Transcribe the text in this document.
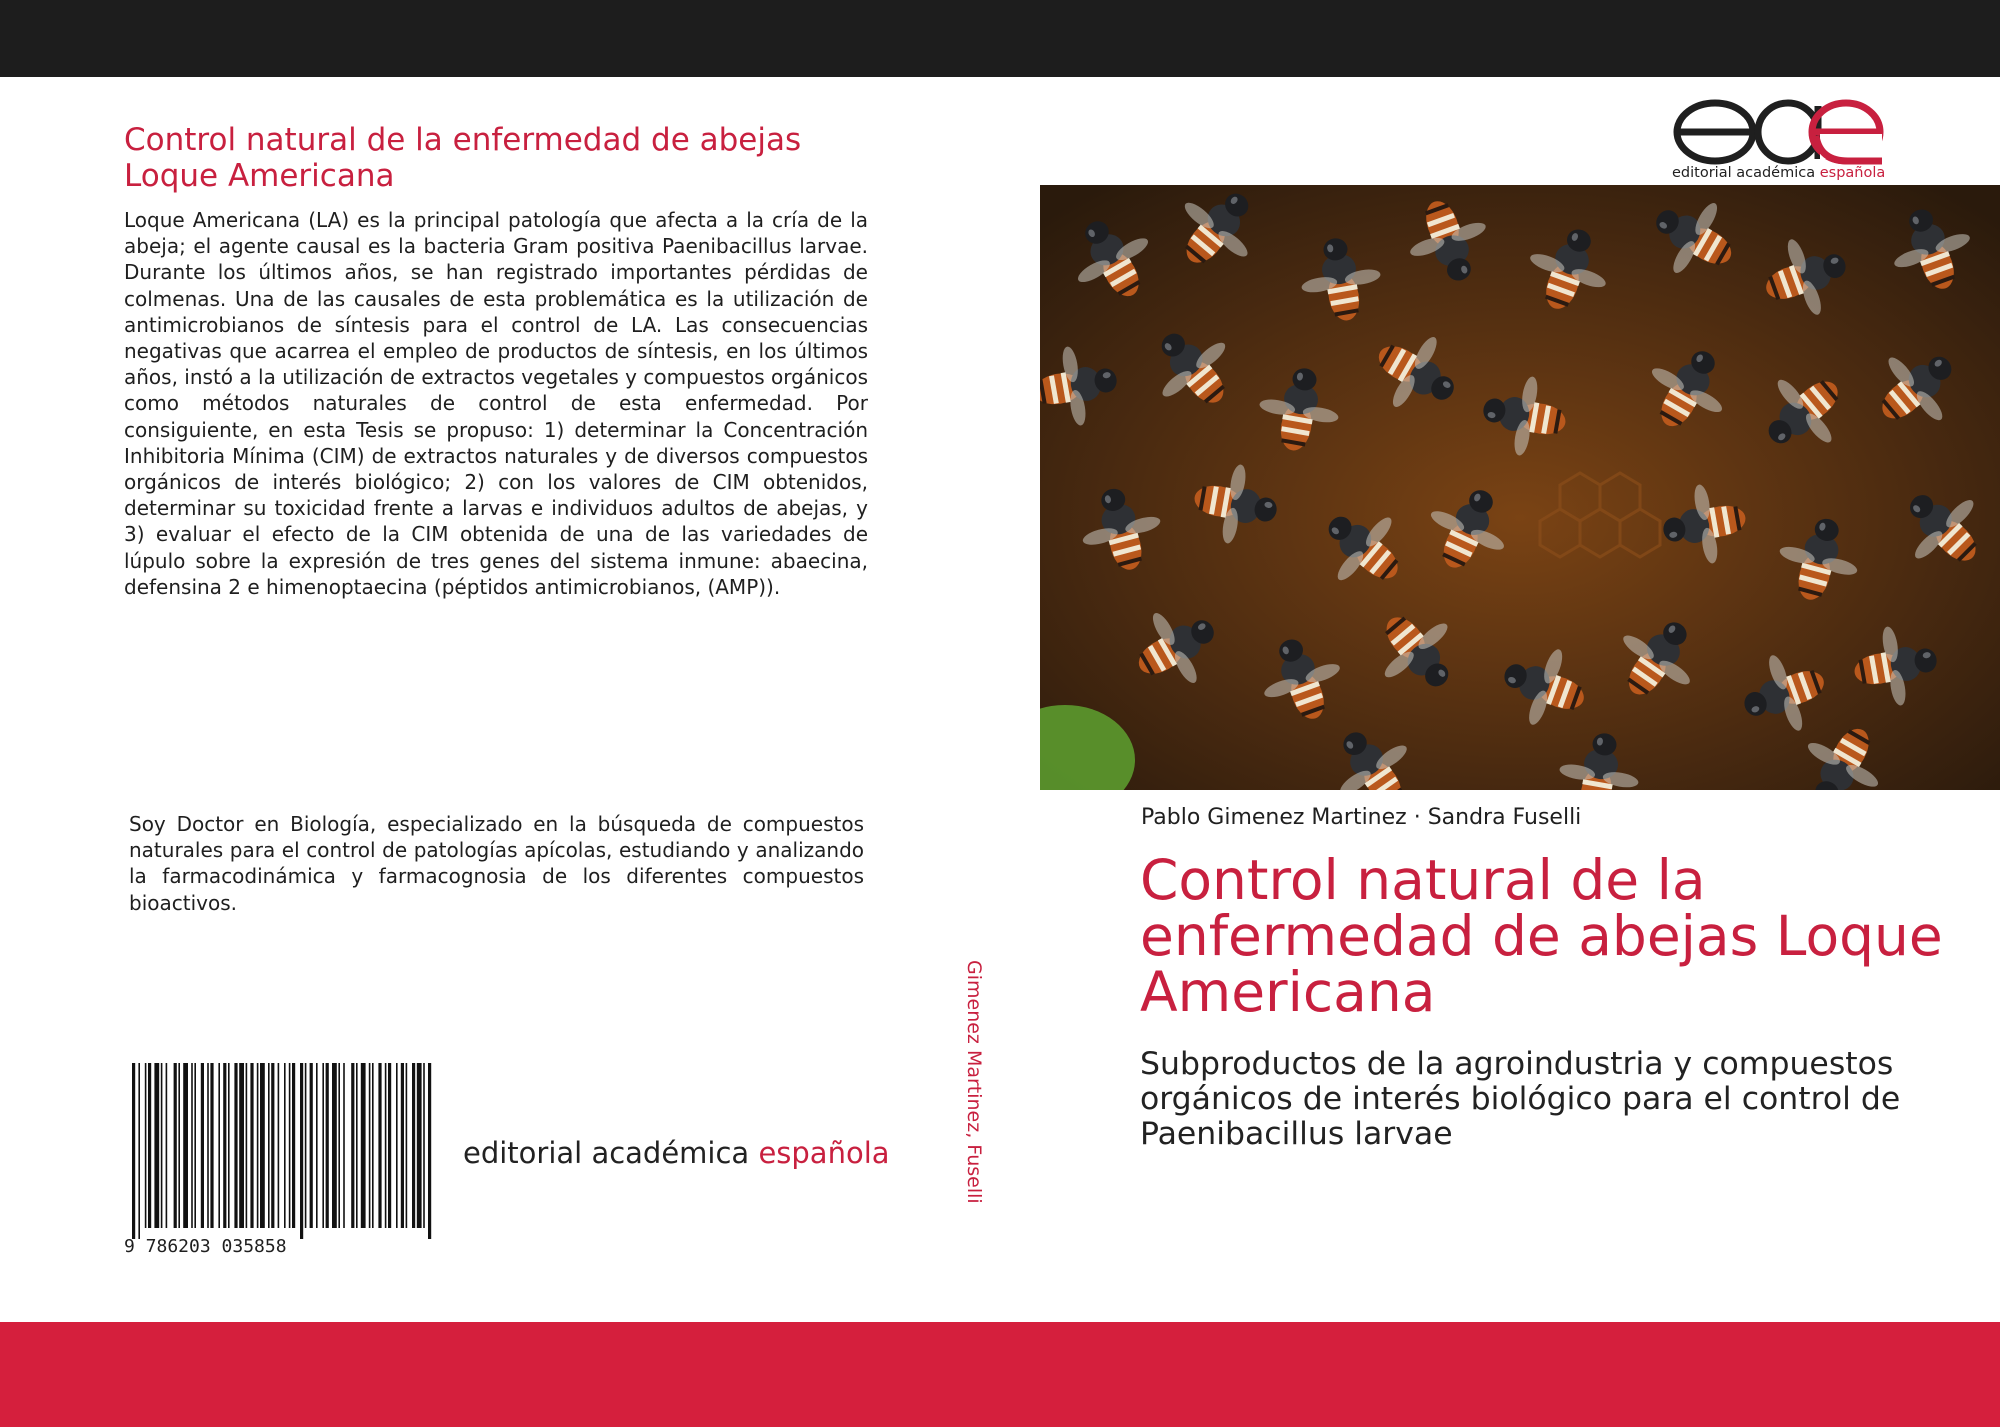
Control natural de la enfermedad de abejas Loque Americana
Loque Americana (LA) es la principal patología que afecta a la cría de la abeja; el agente causal es la bacteria Gram positiva Paenibacillus larvae. Durante los últimos años, se han registrado importantes pérdidas de colmenas. Una de las causales de esta problemática es la utilización de antimicrobianos de síntesis para el control de LA. Las consecuencias negativas que acarrea el empleo de productos de síntesis, en los últimos años, instó a la utilización de extractos vegetales y compuestos orgánicos como métodos naturales de control de esta enfermedad. Por consiguiente, en esta Tesis se propuso: 1) determinar la Concentración Inhibitoria Mínima (CIM) de extractos naturales y de diversos compuestos orgánicos de interés biológico; 2) con los valores de CIM obtenidos, determinar su toxicidad frente a larvas e individuos adultos de abejas, y 3) evaluar el efecto de la CIM obtenida de una de las variedades de lúpulo sobre la expresión de tres genes del sistema inmune: abaecina, defensina 2 e himenoptaecina (péptidos antimicrobianos, (AMP)).
Soy Doctor en Biología, especializado en la búsqueda de compuestos naturales para el control de patologías apícolas, estudiando y analizando la farmacodinámica y farmacognosia de los diferentes compuestos bioactivos.
9 786203 035858
editorial académica española	Gimenez Martinez, Fuselli
editorial académica española
Pablo Gimenez Martinez · Sandra Fuselli
Control natural de la enfermedad de abejas Loque Americana
Subproductos de la agroindustria y compuestos orgánicos de interés biológico para el control de Paenibacillus larvae
